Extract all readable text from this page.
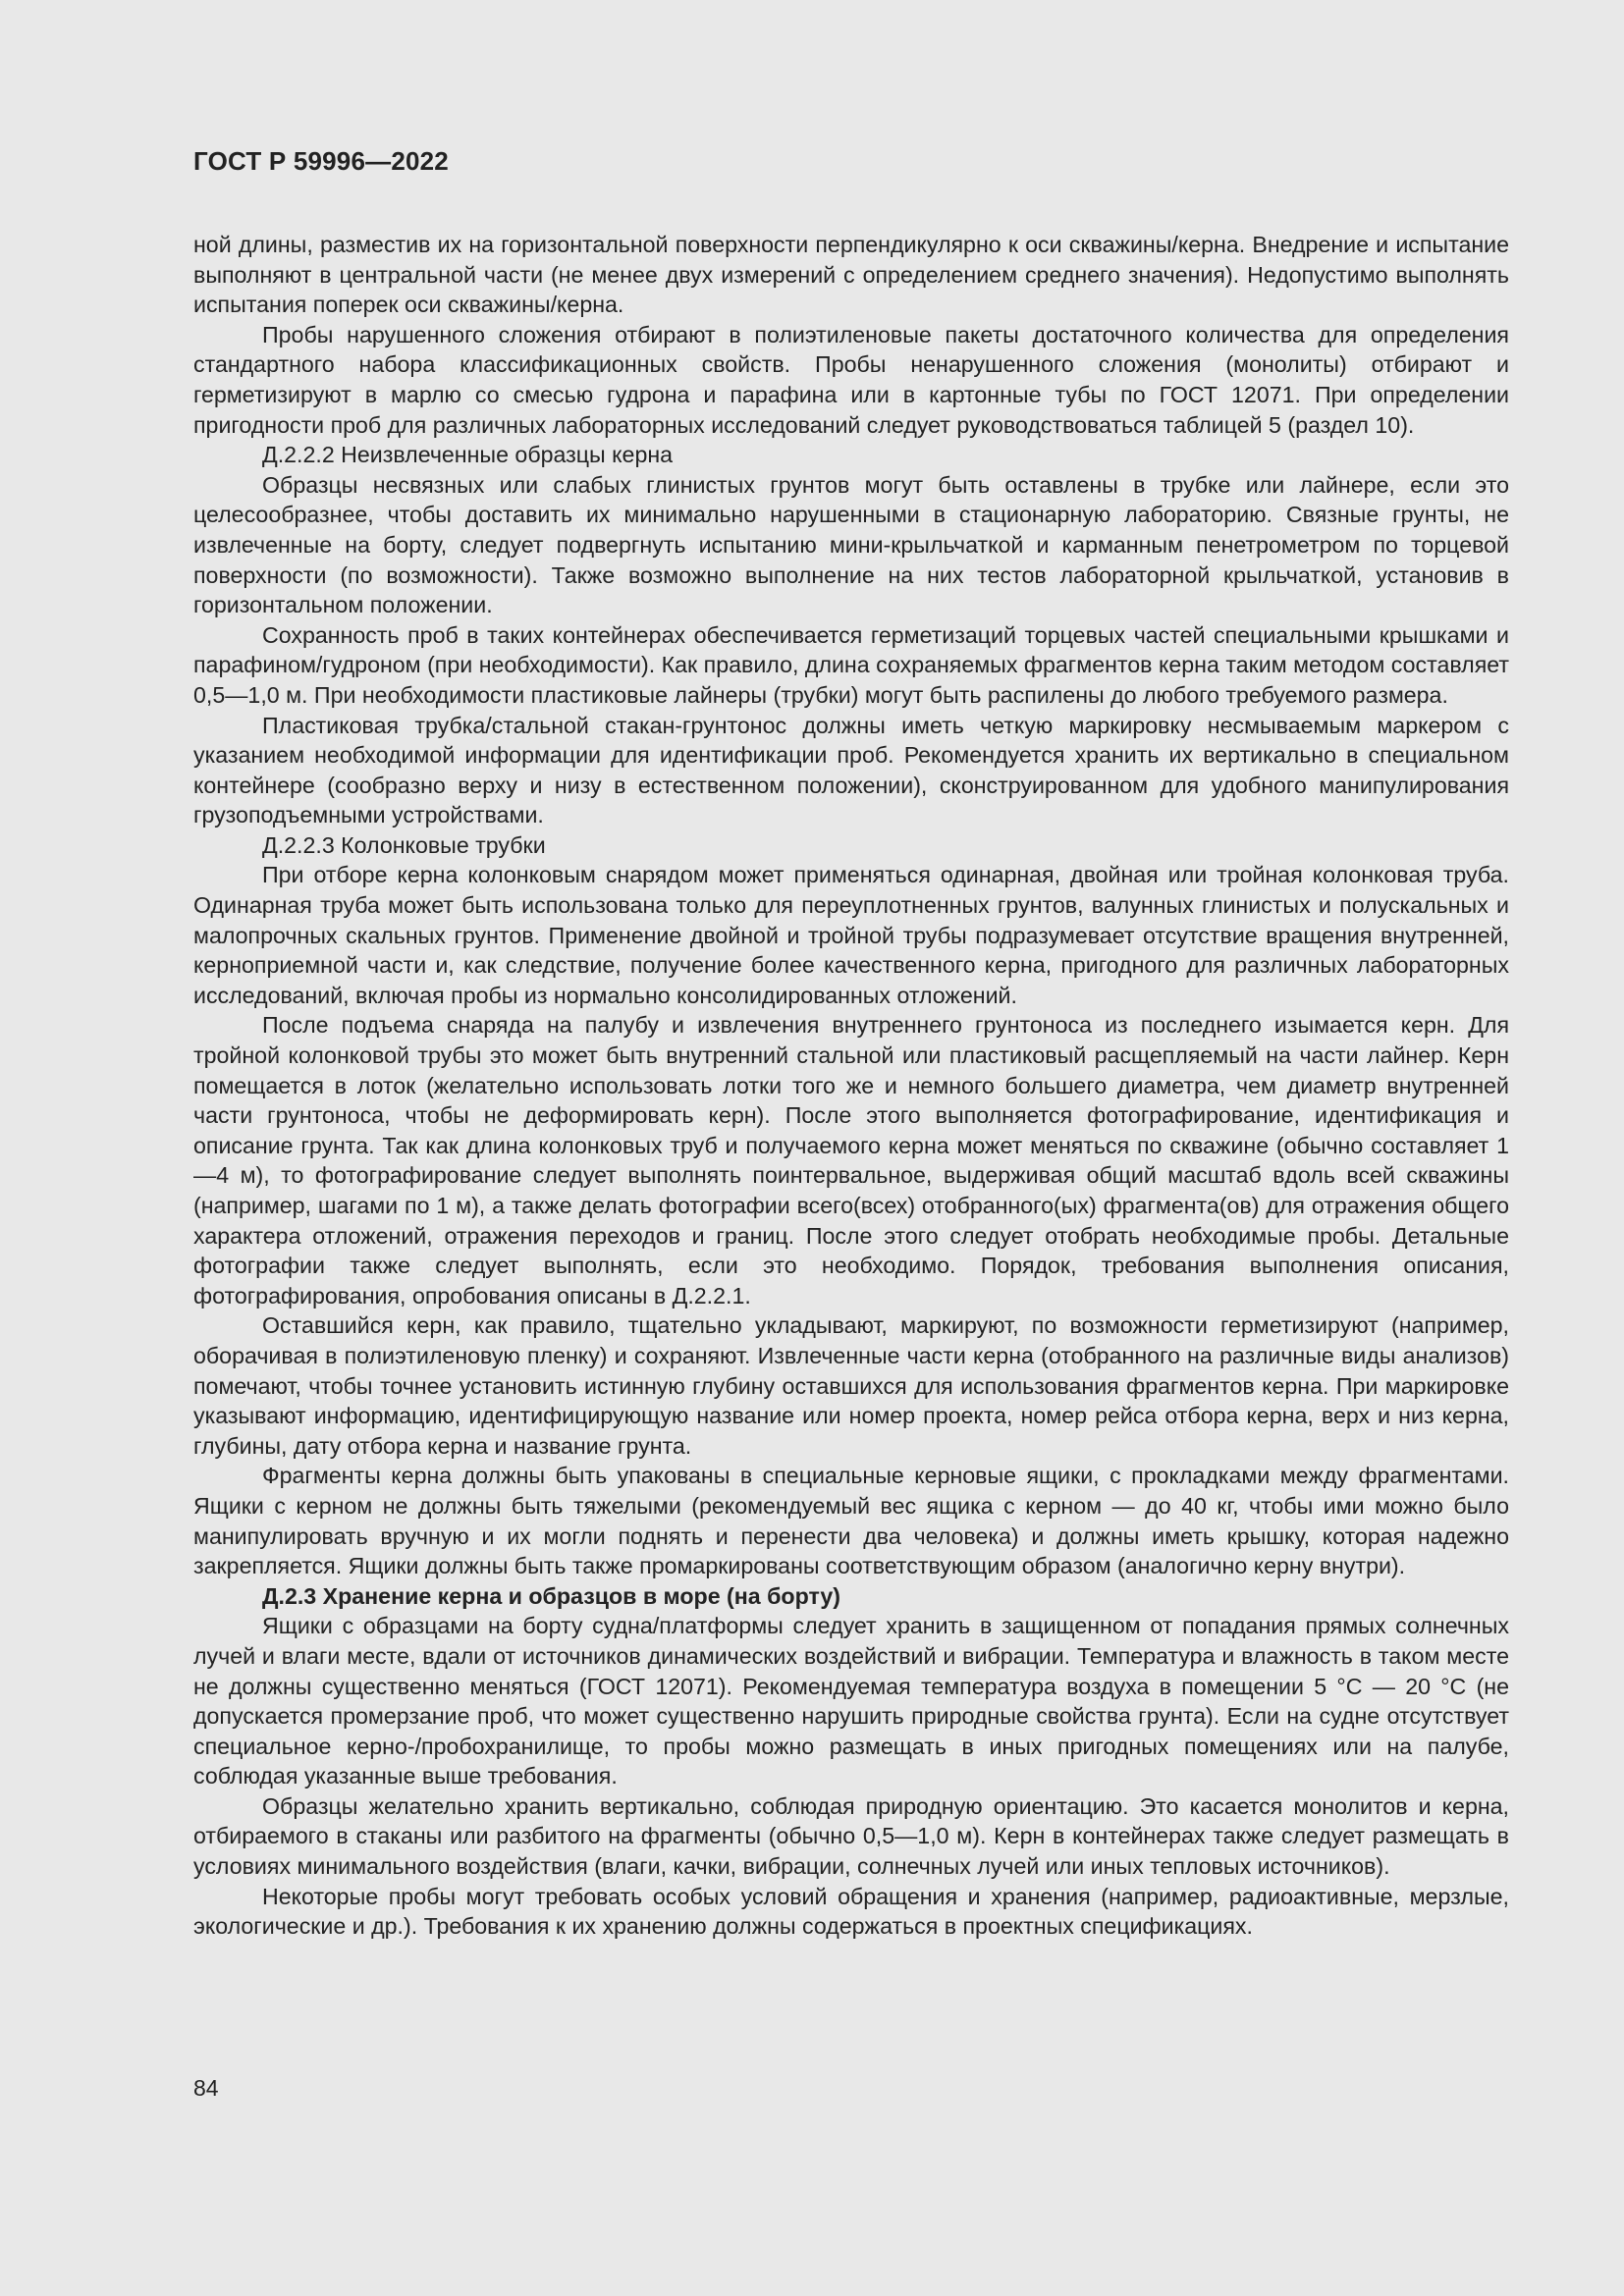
ГОСТ Р 59996—2022

ной длины, разместив их на горизонтальной поверхности перпендикулярно к оси скважины/керна. Внедрение и испытание выполняют в центральной части (не менее двух измерений с определением среднего значения). Недопустимо выполнять испытания поперек оси скважины/керна.

Пробы нарушенного сложения отбирают в полиэтиленовые пакеты достаточного количества для определения стандартного набора классификационных свойств. Пробы ненарушенного сложения (монолиты) отбирают и герметизируют в марлю со смесью гудрона и парафина или в картонные тубы по ГОСТ 12071. При определении пригодности проб для различных лабораторных исследований следует руководствоваться таблицей 5 (раздел 10).

Д.2.2.2 Неизвлеченные образцы керна

Образцы несвязных или слабых глинистых грунтов могут быть оставлены в трубке или лайнере, если это целесообразнее, чтобы доставить их минимально нарушенными в стационарную лабораторию. Связные грунты, не извлеченные на борту, следует подвергнуть испытанию мини-крыльчаткой и карманным пенетрометром по торцевой поверхности (по возможности). Также возможно выполнение на них тестов лабораторной крыльчаткой, установив в горизонтальном положении.

Сохранность проб в таких контейнерах обеспечивается герметизаций торцевых частей специальными крышками и парафином/гудроном (при необходимости). Как правило, длина сохраняемых фрагментов керна таким методом составляет 0,5—1,0 м. При необходимости пластиковые лайнеры (трубки) могут быть распилены до любого требуемого размера.

Пластиковая трубка/стальной стакан-грунтонос должны иметь четкую маркировку несмываемым маркером с указанием необходимой информации для идентификации проб. Рекомендуется хранить их вертикально в специальном контейнере (сообразно верху и низу в естественном положении), сконструированном для удобного манипулирования грузоподъемными устройствами.

Д.2.2.3 Колонковые трубки

При отборе керна колонковым снарядом может применяться одинарная, двойная или тройная колонковая труба. Одинарная труба может быть использована только для переуплотненных грунтов, валунных глинистых и полускальных и малопрочных скальных грунтов. Применение двойной и тройной трубы подразумевает отсутствие вращения внутренней, кернoприемной части и, как следствие, получение более качественного керна, пригодного для различных лабораторных исследований, включая пробы из нормально консолидированных отложений.

После подъема снаряда на палубу и извлечения внутреннего грунтоноса из последнего изымается керн. Для тройной колонковой трубы это может быть внутренний стальной или пластиковый расщепляемый на части лайнер. Керн помещается в лоток (желательно использовать лотки того же и немного большего диаметра, чем диаметр внутренней части грунтоноса, чтобы не деформировать керн). После этого выполняется фотографирование, идентификация и описание грунта. Так как длина колонковых труб и получаемого керна может меняться по скважине (обычно составляет 1—4 м), то фотографирование следует выполнять поинтервальное, выдерживая общий масштаб вдоль всей скважины (например, шагами по 1 м), а также делать фотографии всего(всех) отобранного(ых) фрагмента(ов) для отражения общего характера отложений, отражения переходов и границ. После этого следует отобрать необходимые пробы. Детальные фотографии также следует выполнять, если это необходимо. Порядок, требования выполнения описания, фотографирования, опробования описаны в Д.2.2.1.

Оставшийся керн, как правило, тщательно укладывают, маркируют, по возможности герметизируют (например, оборачивая в полиэтиленовую пленку) и сохраняют. Извлеченные части керна (отобранного на различные виды анализов) помечают, чтобы точнее установить истинную глубину оставшихся для использования фрагментов керна. При маркировке указывают информацию, идентифицирующую название или номер проекта, номер рейса отбора керна, верх и низ керна, глубины, дату отбора керна и название грунта.

Фрагменты керна должны быть упакованы в специальные керновые ящики, с прокладками между фрагментами. Ящики с керном не должны быть тяжелыми (рекомендуемый вес ящика с керном — до 40 кг, чтобы ими можно было манипулировать вручную и их могли поднять и перенести два человека) и должны иметь крышку, которая надежно закрепляется. Ящики должны быть также промаркированы соответствующим образом (аналогично керну внутри).

Д.2.3 Хранение керна и образцов в море (на борту)

Ящики с образцами на борту судна/платформы следует хранить в защищенном от попадания прямых солнечных лучей и влаги месте, вдали от источников динамических воздействий и вибрации. Температура и влажность в таком месте не должны существенно меняться (ГОСТ 12071). Рекомендуемая температура воздуха в помещении 5 °С — 20 °С (не допускается промерзание проб, что может существенно нарушить природные свойства грунта). Если на судне отсутствует специальное керно-/пробохранилище, то пробы можно размещать в иных пригодных помещениях или на палубе, соблюдая указанные выше требования.

Образцы желательно хранить вертикально, соблюдая природную ориентацию. Это касается монолитов и керна, отбираемого в стаканы или разбитого на фрагменты (обычно 0,5—1,0 м). Керн в контейнерах также следует размещать в условиях минимального воздействия (влаги, качки, вибрации, солнечных лучей или иных тепловых источников).

Некоторые пробы могут требовать особых условий обращения и хранения (например, радиоактивные, мерзлые, экологические и др.). Требования к их хранению должны содержаться в проектных спецификациях.

84
